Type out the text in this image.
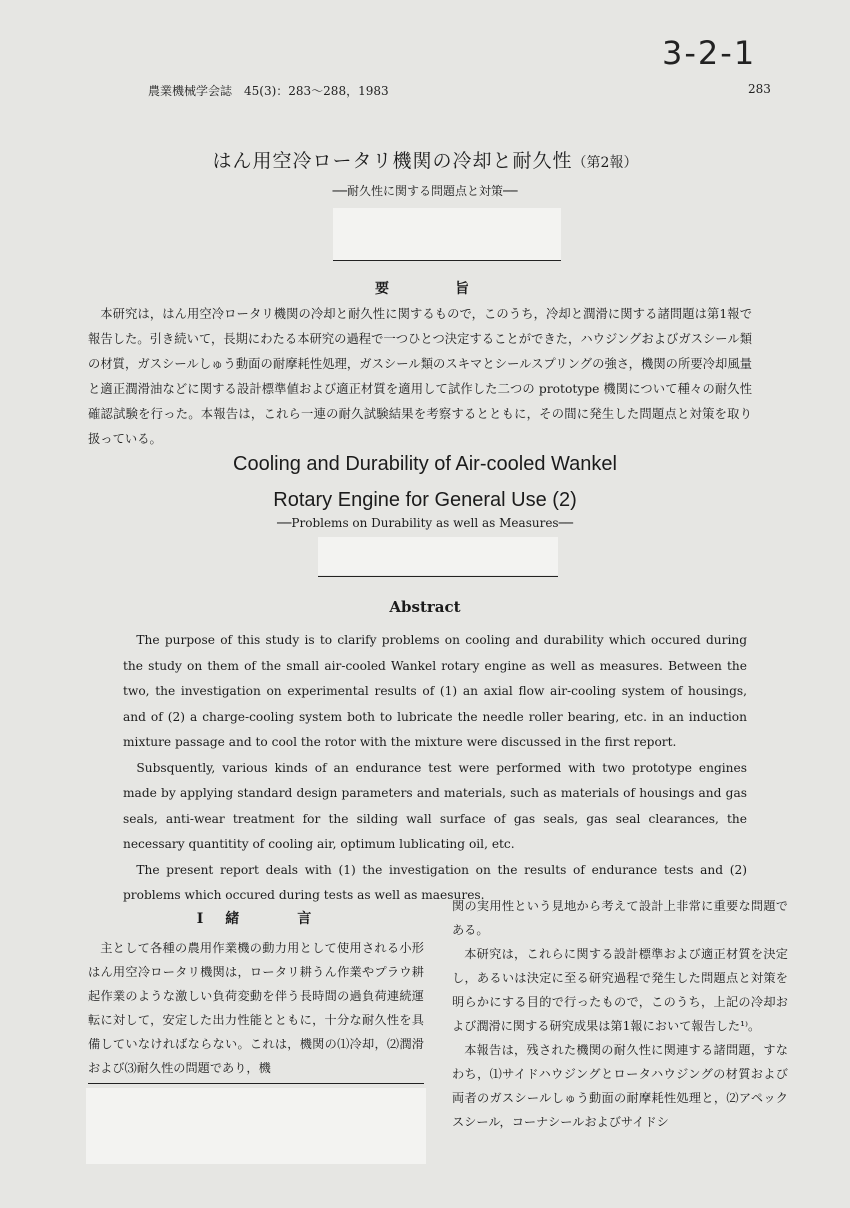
3-2-1
農業機械学会誌　45(3)：283～288，1983	283
はん用空冷ロータリ機関の冷却と耐久性（第2報）
──耐久性に関する問題点と対策──
要　　　旨

本研究は，はん用空冷ロータリ機関の冷却と耐久性に関するもので，このうち，冷却と潤滑に関する諸問題は第1報で報告した。引き続いて，長期にわたる本研究の過程で一つひとつ決定することができた，ハウジングおよびガスシール類の材質，ガスシールしゅう動面の耐摩耗性処理，ガスシール類のスキマとシールスプリングの強さ，機関の所要冷却風量と適正潤滑油などに関する設計標準値および適正材質を適用して試作した二つの prototype 機関について種々の耐久性確認試験を行った。本報告は，これら一連の耐久試験結果を考察するとともに，その間に発生した問題点と対策を取り扱っている。

Cooling and Durability of Air-cooled Wankel
Rotary Engine for General Use (2)
──Problems on Durability as well as Measures──
Abstract

The purpose of this study is to clarify problems on cooling and durability which occured during the study on them of the small air-cooled Wankel rotary engine as well as measures. Between the two, the investigation on experimental results of (1) an axial flow air-cooling system of housings, and of (2) a charge-cooling system both to lubricate the needle roller bearing, etc. in an induction mixture passage and to cool the rotor with the mixture were discussed in the first report.

Subsquently, various kinds of an endurance test were performed with two prototype engines made by applying standard design parameters and materials, such as materials of housings and gas seals, anti-wear treatment for the silding wall surface of gas seals, gas seal clearances, the necessary quantitity of cooling air, optimum lublicating oil, etc.

The present report deals with (1) the investigation on the results of endurance tests and (2) problems which occured during tests as well as maesures.

Ⅰ　緒　　　言

主として各種の農用作業機の動力用として使用される小形はん用空冷ロータリ機関は，ロータリ耕うん作業やプラウ耕起作業のような激しい負荷変動を伴う長時間の過負荷連続運転に対して，安定した出力性能とともに，十分な耐久性を具備していなければならない。これは，機関の⑴冷却，⑵潤滑および⑶耐久性の問題であり，機

関の実用性という見地から考えて設計上非常に重要な問題である。

本研究は，これらに関する設計標準および適正材質を決定し，あるいは決定に至る研究過程で発生した問題点と対策を明らかにする目的で行ったもので，このうち，上記の冷却および潤滑に関する研究成果は第1報において報告した¹⁾。

本報告は，残された機関の耐久性に関連する諸問題，すなわち，⑴サイドハウジングとロータハウジングの材質および両者のガスシールしゅう動面の耐摩耗性処理と，⑵アペックスシール，コーナシールおよびサイドシ
